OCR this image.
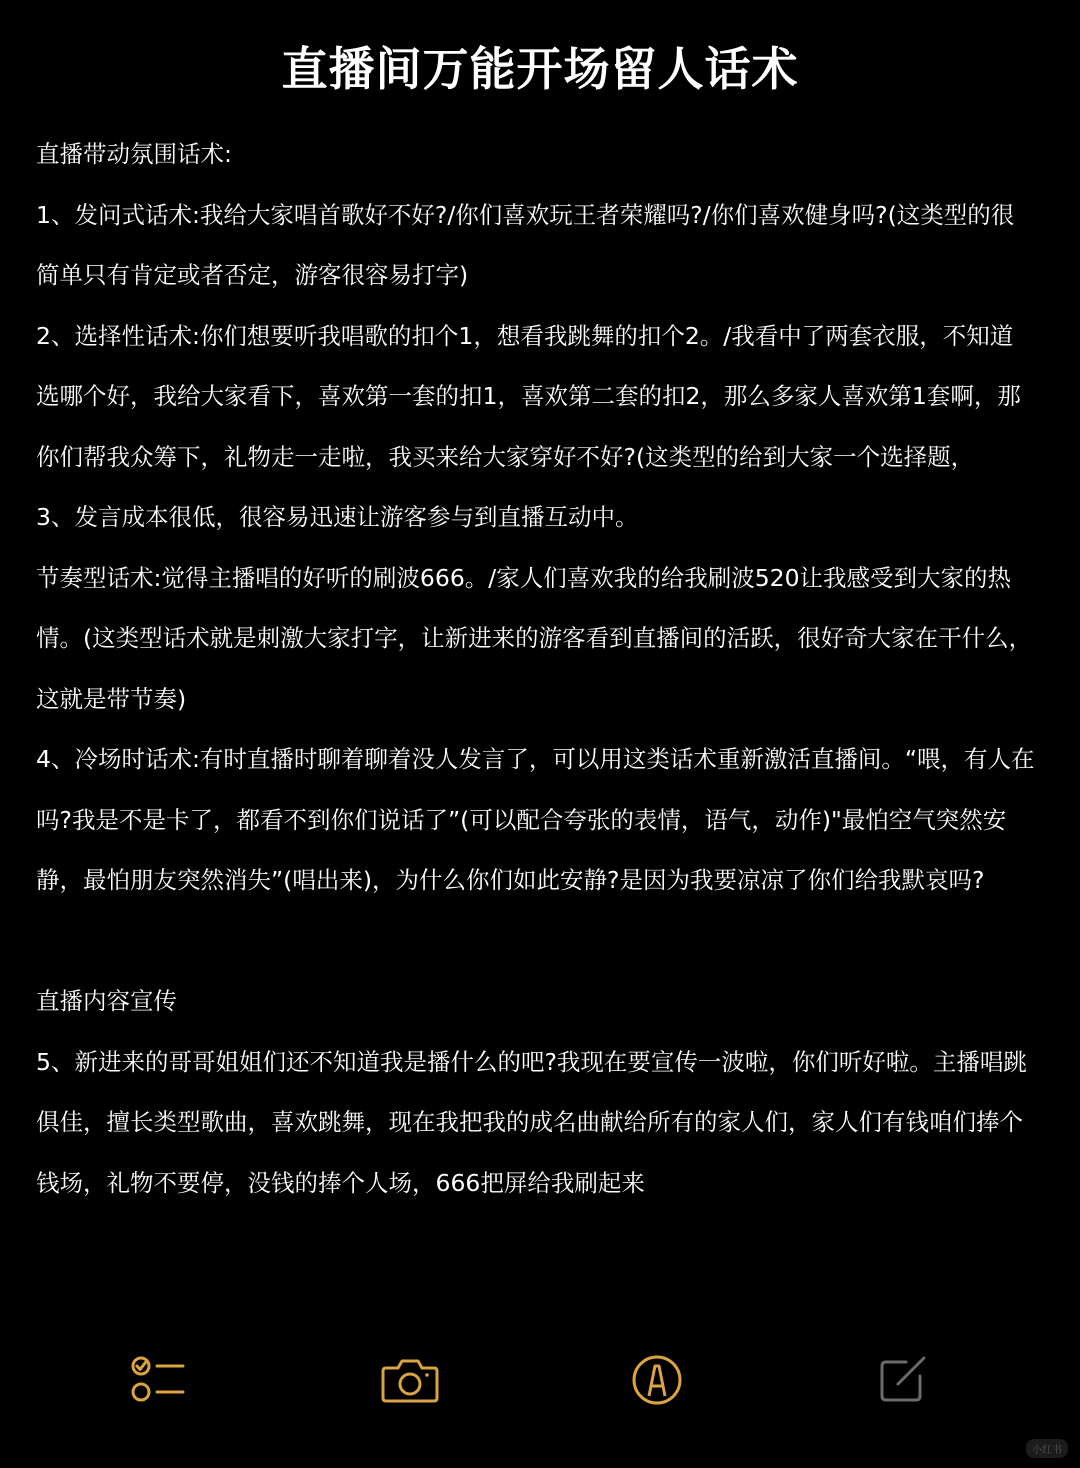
直播间万能开场留人话术

直播带动氛围话术:

1、发问式话术:我给大家唱首歌好不好?/你们喜欢玩王者荣耀吗?/你们喜欢健身吗?(这类型的很简单只有肯定或者否定，游客很容易打字)

2、选择性话术:你们想要听我唱歌的扣个1，想看我跳舞的扣个2。/我看中了两套衣服，不知道选哪个好，我给大家看下，喜欢第一套的扣1，喜欢第二套的扣2，那么多家人喜欢第1套啊，那你们帮我众筹下，礼物走一走啦，我买来给大家穿好不好?(这类型的给到大家一个选择题，

3、发言成本很低，很容易迅速让游客参与到直播互动中。

节奏型话术:觉得主播唱的好听的刷波666。/家人们喜欢我的给我刷波520让我感受到大家的热情。(这类型话术就是刺激大家打字，让新进来的游客看到直播间的活跃，很好奇大家在干什么，这就是带节奏)

4、冷场时话术:有时直播时聊着聊着没人发言了，可以用这类话术重新激活直播间。“喂，有人在吗?我是不是卡了，都看不到你们说话了”(可以配合夸张的表情，语气，动作)"最怕空气突然安静，最怕朋友突然消失”(唱出来)，为什么你们如此安静?是因为我要凉凉了你们给我默哀吗?

直播内容宣传

5、新进来的哥哥姐姐们还不知道我是播什么的吧?我现在要宣传一波啦，你们听好啦。主播唱跳俱佳，擅长类型歌曲，喜欢跳舞，现在我把我的成名曲献给所有的家人们，家人们有钱咱们捧个钱场，礼物不要停，没钱的捧个人场，666把屏给我刷起来

小红书
